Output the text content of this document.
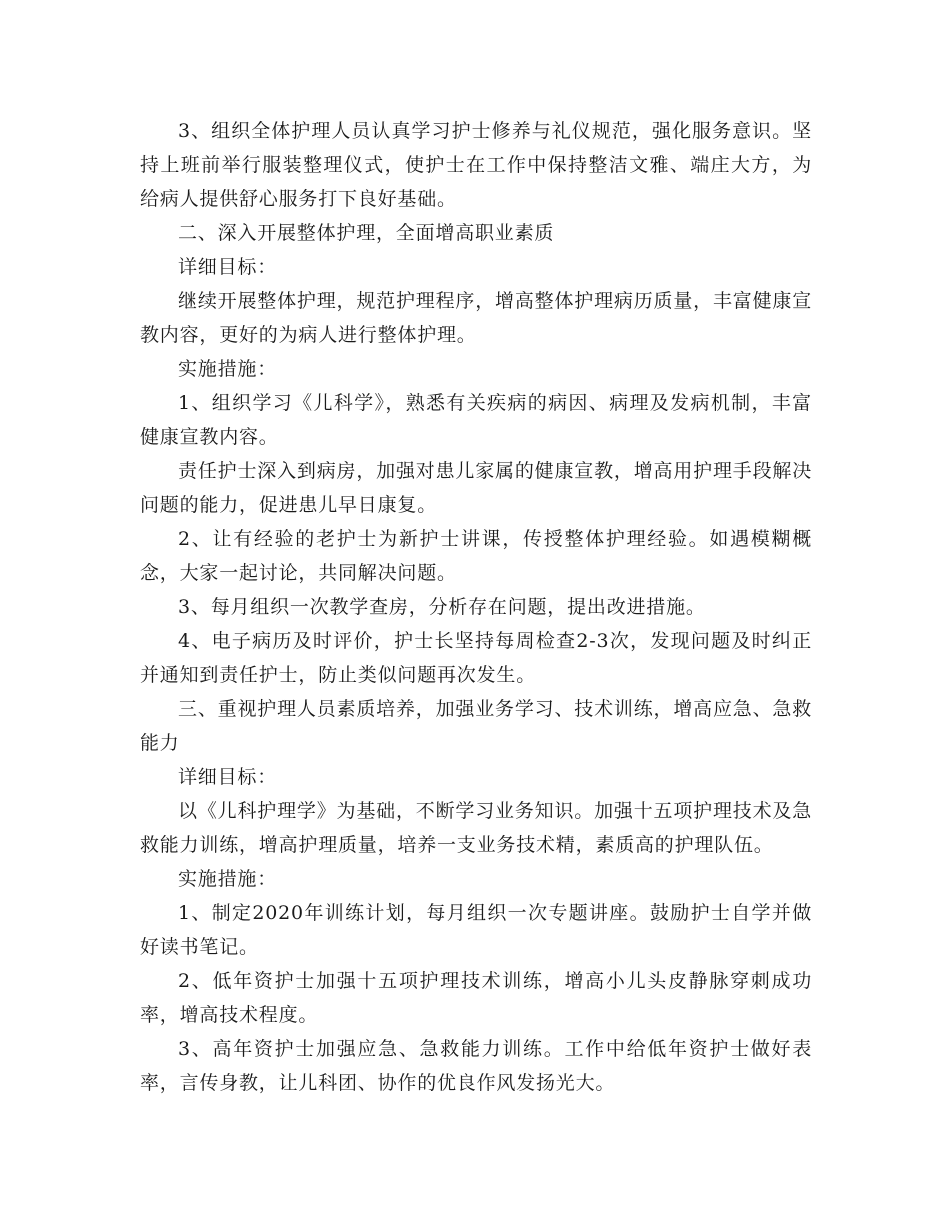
3、组织全体护理人员认真学习护士修养与礼仪规范，强化服务意识。坚持上班前举行服装整理仪式，使护士在工作中保持整洁文雅、端庄大方，为给病人提供舒心服务打下良好基础。

二、深入开展整体护理，全面增高职业素质

详细目标：

继续开展整体护理，规范护理程序，增高整体护理病历质量，丰富健康宣教内容，更好的为病人进行整体护理。

实施措施：

1、组织学习《儿科学》，熟悉有关疾病的病因、病理及发病机制，丰富健康宣教内容。

责任护士深入到病房，加强对患儿家属的健康宣教，增高用护理手段解决问题的能力，促进患儿早日康复。

2、让有经验的老护士为新护士讲课，传授整体护理经验。如遇模糊概念，大家一起讨论，共同解决问题。

3、每月组织一次教学查房，分析存在问题，提出改进措施。

4、电子病历及时评价，护士长坚持每周检查2-3次，发现问题及时纠正并通知到责任护士，防止类似问题再次发生。

三、重视护理人员素质培养，加强业务学习、技术训练，增高应急、急救能力

详细目标：

以《儿科护理学》为基础，不断学习业务知识。加强十五项护理技术及急救能力训练，增高护理质量，培养一支业务技术精，素质高的护理队伍。

实施措施：

1、制定2020年训练计划，每月组织一次专题讲座。鼓励护士自学并做好读书笔记。

2、低年资护士加强十五项护理技术训练，增高小儿头皮静脉穿刺成功率，增高技术程度。

3、高年资护士加强应急、急救能力训练。工作中给低年资护士做好表率，言传身教，让儿科团、协作的优良作风发扬光大。
